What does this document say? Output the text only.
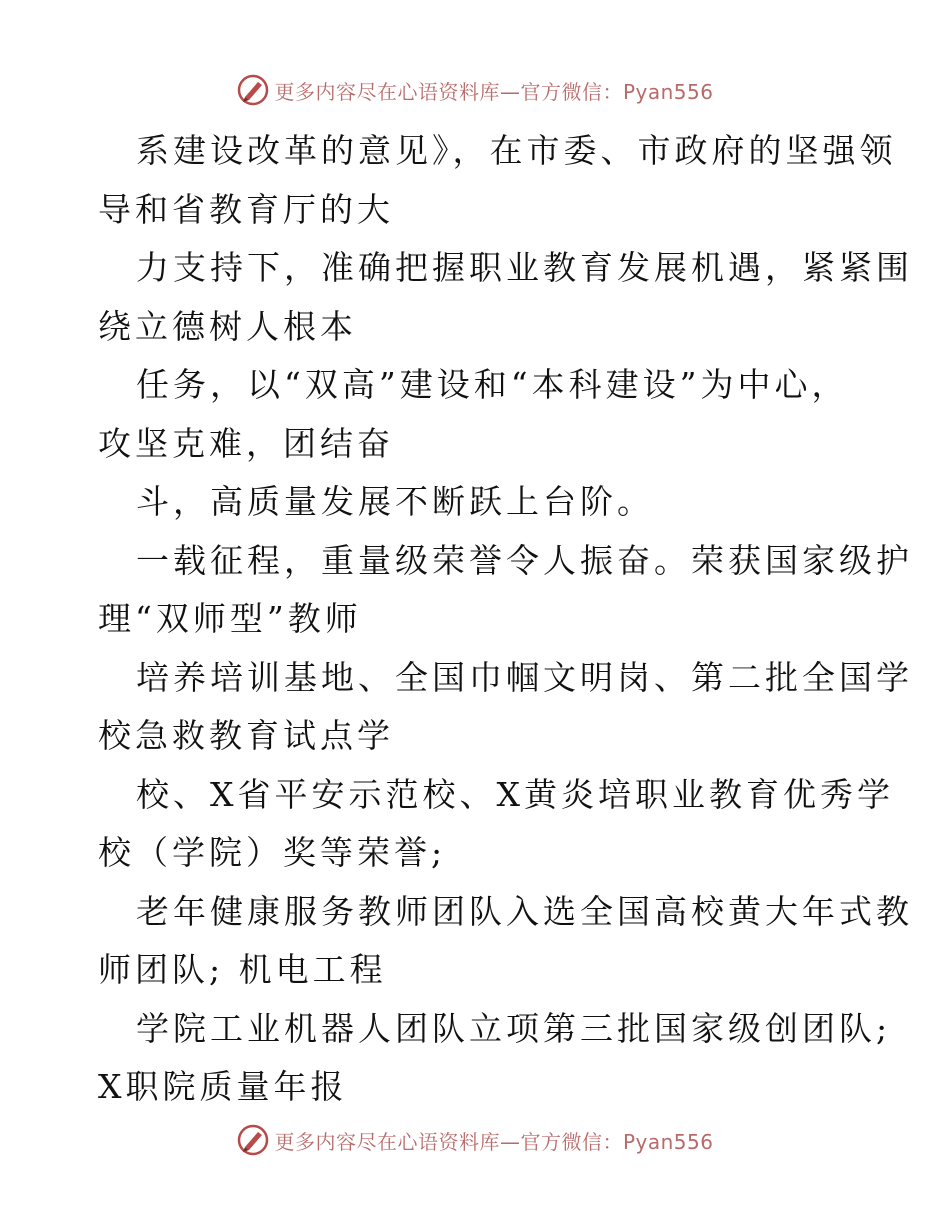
更多内容尽在心语资料库—官方微信：Pyan556
系建设改革的意见》，在市委、市政府的坚强领
导和省教育厅的大
力支持下，准确把握职业教育发展机遇，紧紧围
绕立德树人根本
任务，以“双高”建设和“本科建设”为中心，
攻坚克难，团结奋
斗，高质量发展不断跃上台阶。
一载征程，重量级荣誉令人振奋。荣获国家级护
理“双师型”教师
培养培训基地、全国巾帼文明岗、第二批全国学
校急救教育试点学
校、X省平安示范校、X黄炎培职业教育优秀学
校（学院）奖等荣誉;
老年健康服务教师团队入选全国高校黄大年式教
师团队; 机电工程
学院工业机器人团队立项第三批国家级创团队;
X职院质量年报
更多内容尽在心语资料库—官方微信：Pyan556
